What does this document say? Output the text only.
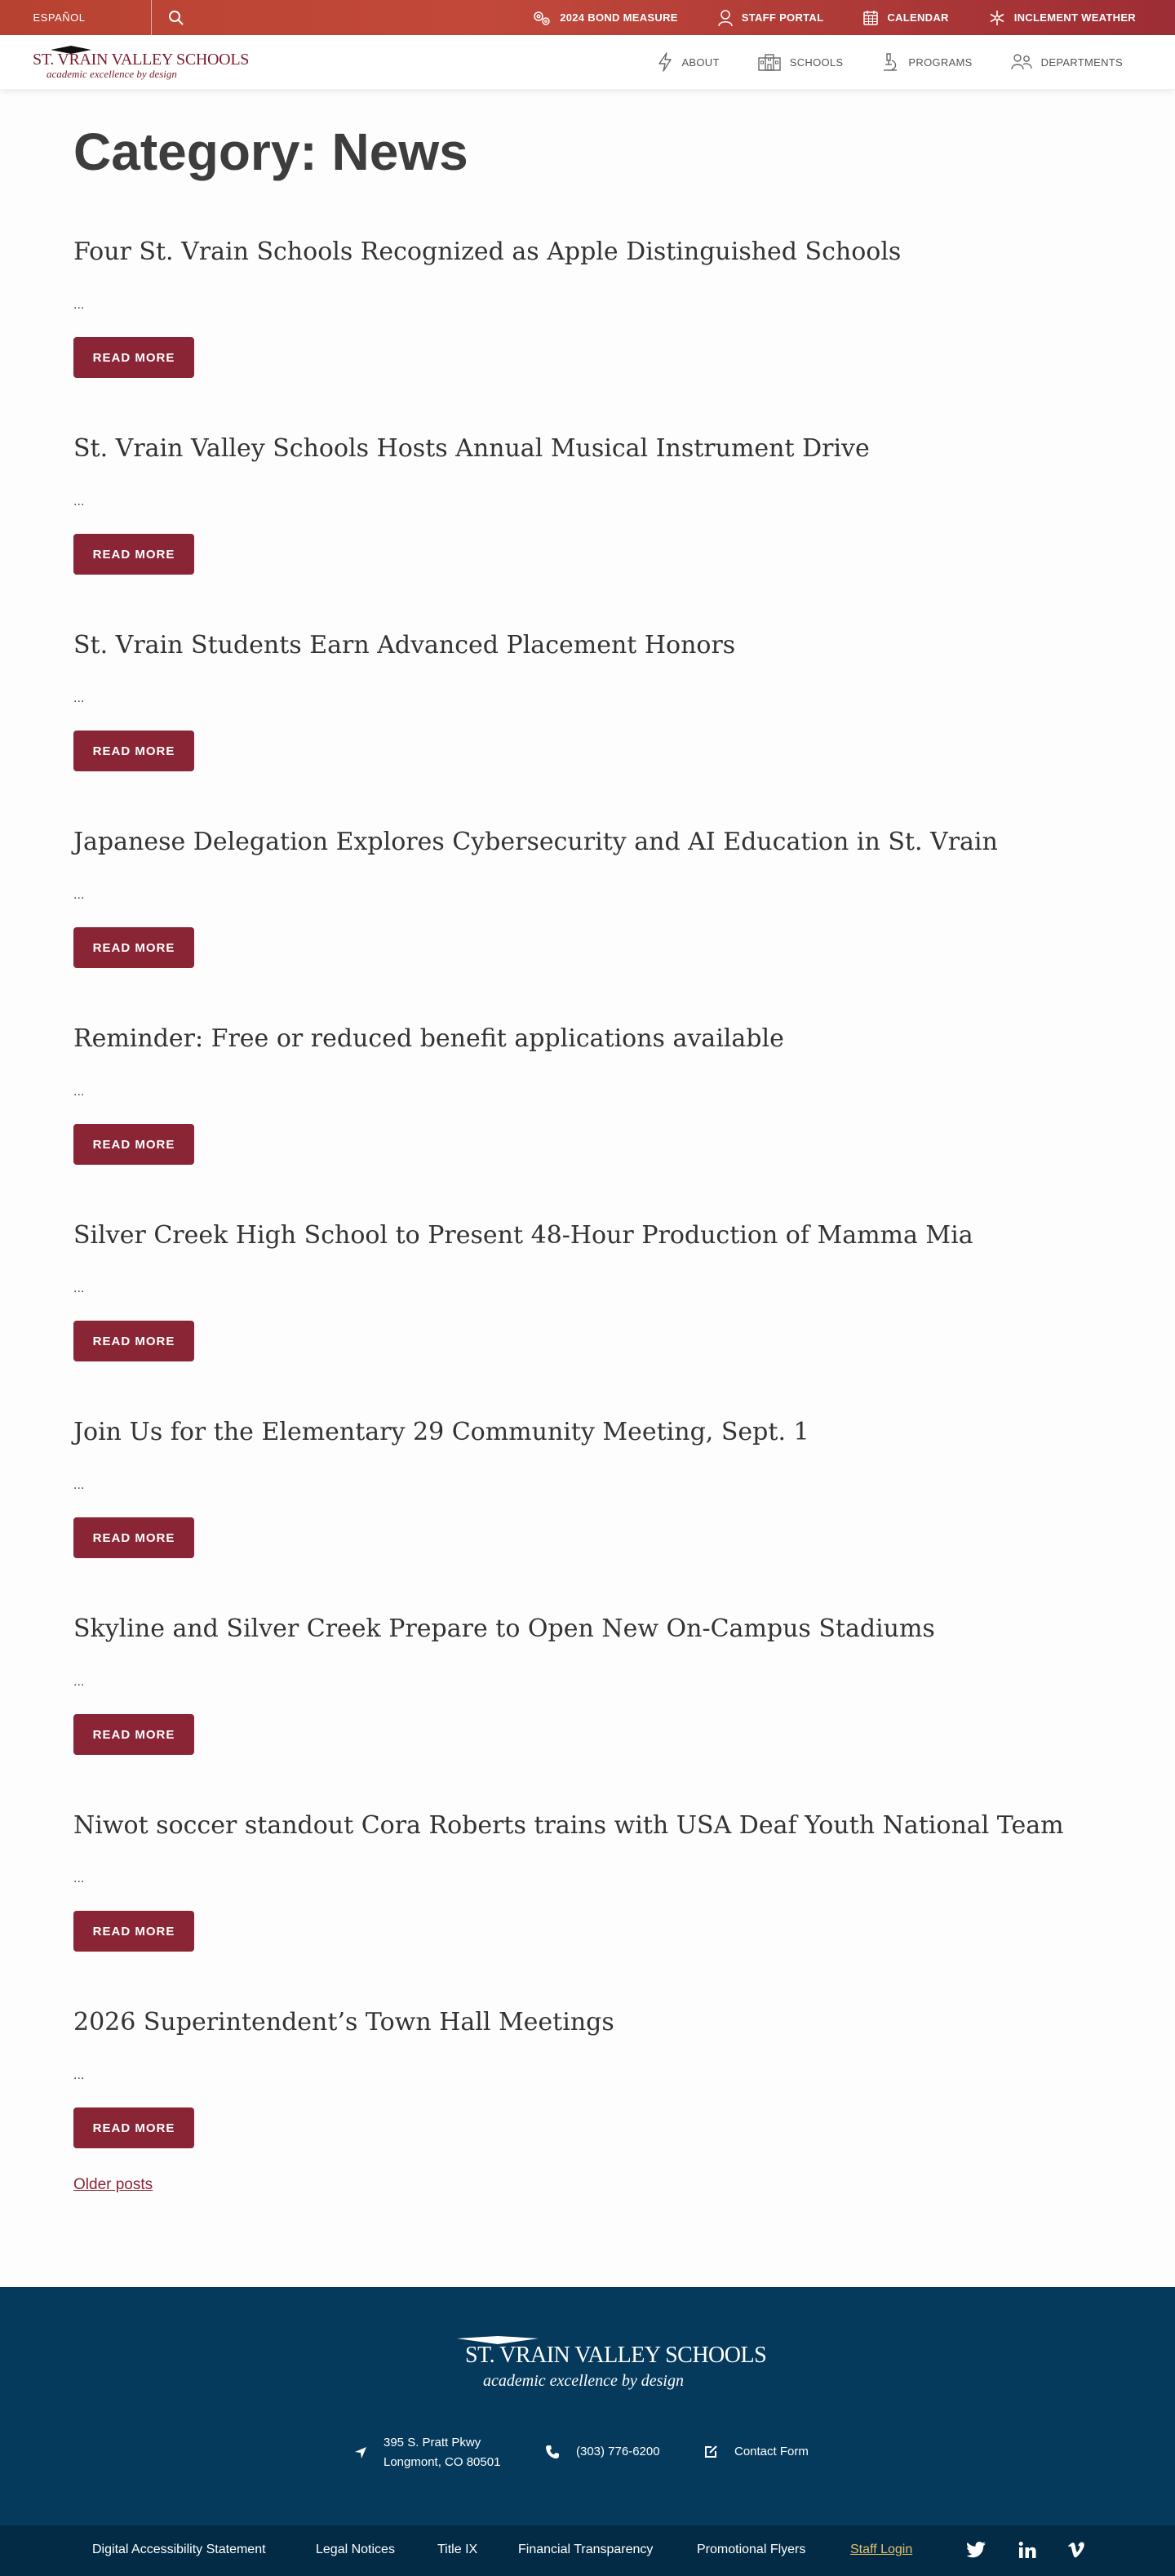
ESPAÑOL	2024 BOND MEASURE	STAFF PORTAL	CALENDAR	INCLEMENT WEATHER
ST. VRAIN VALLEY SCHOOLS
academic excellence by design
ABOUT	SCHOOLS	PROGRAMS	DEPARTMENTS
Category: News
Four St. Vrain Schools Recognized as Apple Distinguished Schools
...
READ MORE
St. Vrain Valley Schools Hosts Annual Musical Instrument Drive
...
READ MORE
St. Vrain Students Earn Advanced Placement Honors
...
READ MORE
Japanese Delegation Explores Cybersecurity and AI Education in St. Vrain
...
READ MORE
Reminder: Free or reduced benefit applications available
...
READ MORE
Silver Creek High School to Present 48-Hour Production of Mamma Mia
...
READ MORE
Join Us for the Elementary 29 Community Meeting, Sept. 1
...
READ MORE
Skyline and Silver Creek Prepare to Open New On-Campus Stadiums
...
READ MORE
Niwot soccer standout Cora Roberts trains with USA Deaf Youth National Team
...
READ MORE
2026 Superintendent’s Town Hall Meetings
...
READ MORE
Older posts
ST. VRAIN VALLEY SCHOOLS
academic excellence by design
395 S. Pratt Pkwy
Longmont, CO 80501
(303) 776-6200	Contact Form
Digital Accessibility Statement	Legal Notices	Title IX	Financial Transparency	Promotional Flyers	Staff Login
